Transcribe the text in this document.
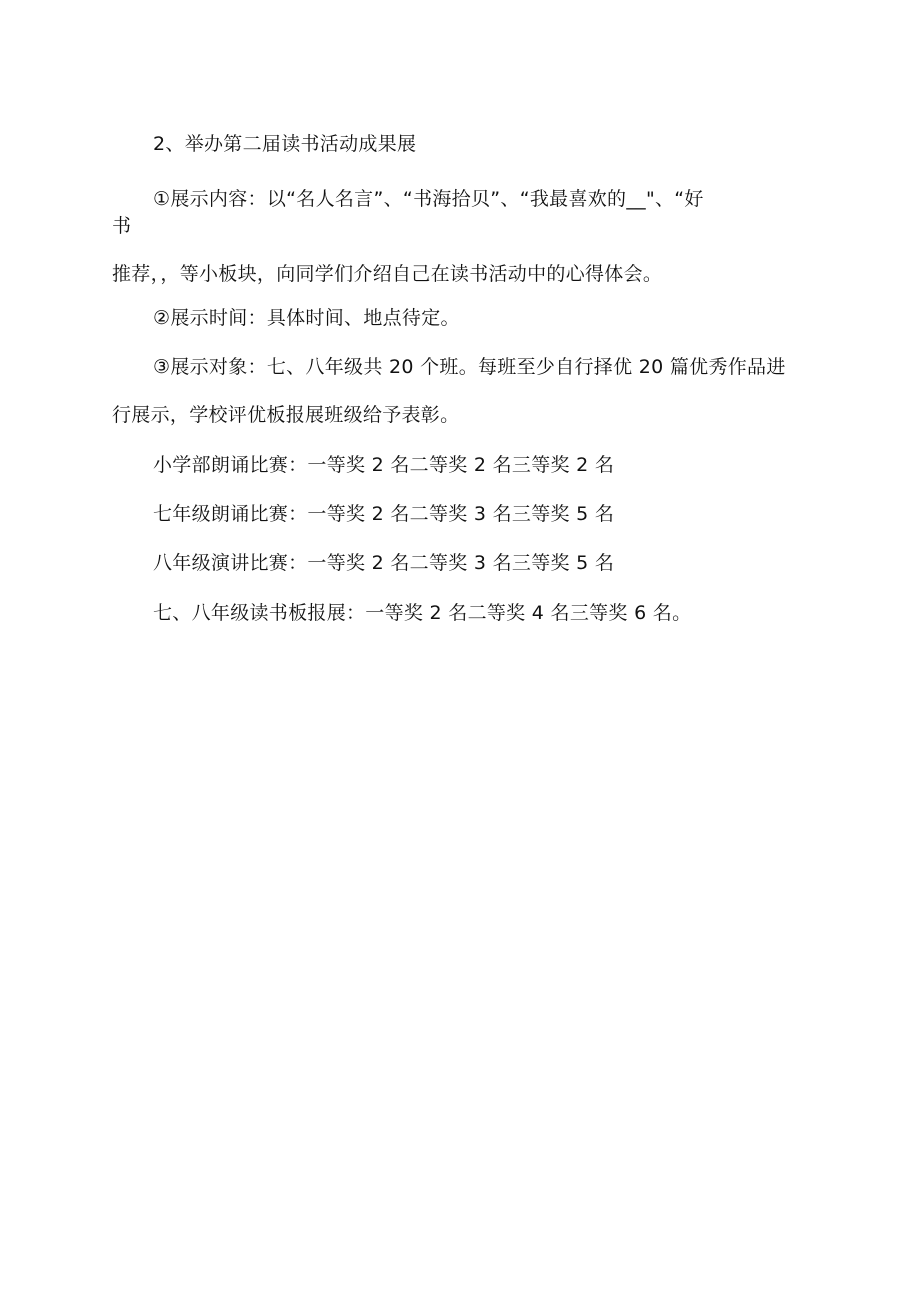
2、举办第二届读书活动成果展
①展示内容：以“名人名言”、“书海拾贝”、“我最喜欢的__"、“好
书
推荐，，等小板块，向同学们介绍自己在读书活动中的心得体会。
②展示时间：具体时间、地点待定。
③展示对象：七、八年级共 20 个班。每班至少自行择优 20 篇优秀作品进
行展示，学校评优板报展班级给予表彰。
小学部朗诵比赛：一等奖 2 名二等奖 2 名三等奖 2 名
七年级朗诵比赛：一等奖 2 名二等奖 3 名三等奖 5 名
八年级演讲比赛：一等奖 2 名二等奖 3 名三等奖 5 名
七、八年级读书板报展：一等奖 2 名二等奖 4 名三等奖 6 名。
